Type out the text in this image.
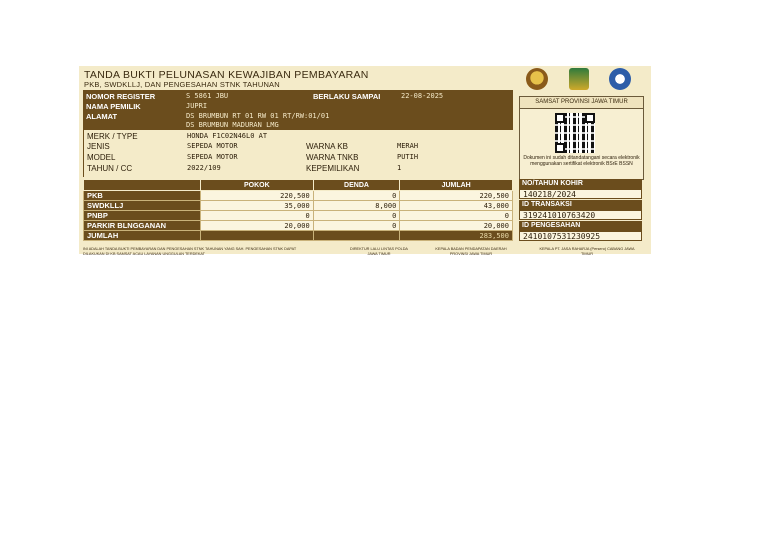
TANDA BUKTI PELUNASAN KEWAJIBAN PEMBAYARAN
PKB, SWDKLLJ, DAN PENGESAHAN STNK TAHUNAN
SAMSAT PROVINSI JAWA TIMUR
NOMOR REGISTER	S 5861 JBU	BERLAKU SAMPAI	22-08-2025
NAMA PEMILIK	JUPRI
ALAMAT	DS BRUMBUN RT 01 RW 01 RT/RW:01/01
DS BRUMBUN MADURAN LMG
MERK / TYPE	HONDA F1C02N46L0 AT
JENIS	SEPEDA MOTOR
MODEL	SEPEDA MOTOR
TAHUN / CC	2022/109
WARNA KB	MERAH
WARNA TNKB	PUTIH
KEPEMILIKAN	1
Dokumen ini sudah ditandatangani secara elektronik menggunakan sertifikat elektronik BSrE BSSN
	POKOK	DENDA	JUMLAH
PKB	220,500	0	220,500
SWDKLLJ	35,000	8,000	43,000
PNBP	0	0	0
PARKIR BLNGGANAN	20,000	0	20,000
JUMLAH			283,500
NO/TAHUN KOHIR
140218/2024
ID TRANSAKSI
319241010763420
ID PENGESAHAN
2410107531230925
INI ADALAH TANDA BUKTI PEMBAYARAN DAN PENGESAHAN STNK TAHUNAN YANG SAH. PENGESAHAN STNK DAPAT DILAKUKAN DI KB SAMSAT ACAU LAYANAN UNGGULAN TERDEKAT
DIREKTUR LALU LINTAS POLDA JAWA TIMUR
KEPALA BADAN PENDAPATAN DAERAH PROVINSI JAWA TIMUR
KEPALA PT. JASA RAHARJA (Persero) CABANG JAWA TIMUR
